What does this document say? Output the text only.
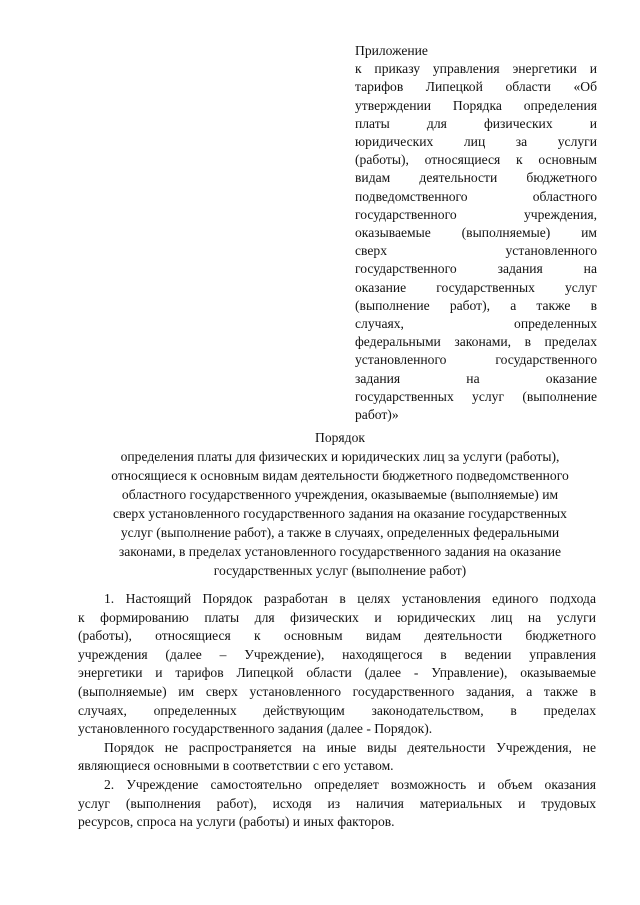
Приложение
к приказу управления энергетики и
тарифов Липецкой области «Об
утверждении Порядка определения
платы для физических и
юридических лиц за услуги
(работы), относящиеся к основным
видам деятельности бюджетного
подведомственного областного
государственного учреждения,
оказываемые (выполняемые) им
сверх установленного
государственного задания на
оказание государственных услуг
(выполнение работ), а также в
случаях, определенных
федеральными законами, в пределах
установленного государственного
задания на оказание
государственных услуг (выполнение
работ)»
Порядок
определения платы для физических и юридических лиц за услуги (работы),
относящиеся к основным видам деятельности бюджетного подведомственного
областного государственного учреждения, оказываемые (выполняемые) им
сверх установленного государственного задания на оказание государственных
услуг (выполнение работ), а также в случаях, определенных федеральными
законами, в пределах установленного государственного задания на оказание
государственных услуг (выполнение работ)
1. Настоящий Порядок разработан в целях установления единого подхода
к формированию платы для физических и юридических лиц на услуги
(работы), относящиеся к основным видам деятельности бюджетного
учреждения (далее – Учреждение), находящегося в ведении управления
энергетики и тарифов Липецкой области (далее - Управление), оказываемые
(выполняемые) им сверх установленного государственного задания, а также в
случаях, определенных действующим законодательством, в пределах
установленного государственного задания (далее - Порядок).
Порядок не распространяется на иные виды деятельности Учреждения, не
являющиеся основными в соответствии с его уставом.
2. Учреждение самостоятельно определяет возможность и объем оказания
услуг (выполнения работ), исходя из наличия материальных и трудовых
ресурсов, спроса на услуги (работы) и иных факторов.
